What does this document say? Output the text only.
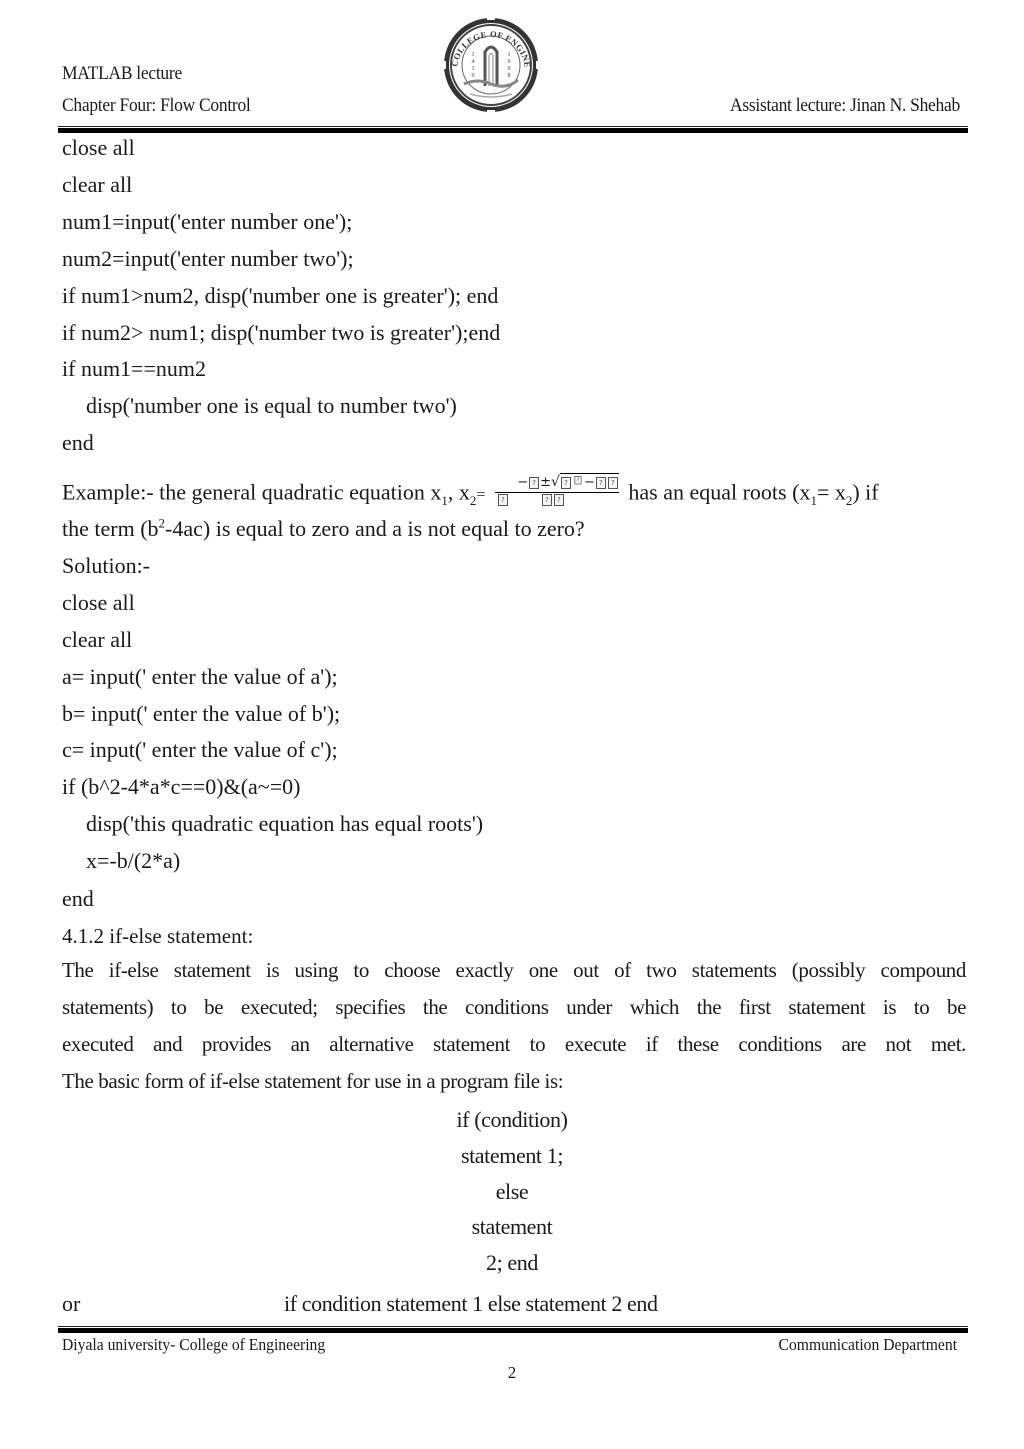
MATLAB lecture
Chapter Four: Flow Control	Assistant lecture: Jinan N. Shehab
COLLEGE OF ENGINE
1
4
1
9
1
9
9
8
close all
clear all
num1=input('enter number one');
num2=input('enter number two');
if num1>num2, disp('number one is greater'); end
if num2> num1; disp('number two is greater');end
if num1==num2
disp('number one is equal to number two')
end
Example:- the general quadratic equation $x_1$, $x_2=$ − ? ±√ ? ? − ? ?
?	? ? has an equal roots $(x_1= x_2)$ if
the term $(b^2-4ac)$ is equal to zero and a is not equal to zero?
Solution:-
close all
clear all
a= input(' enter the value of a');
b= input(' enter the value of b');
c= input(' enter the value of c');
if (b^2-4*a*c==0)&(a~=0)
disp('this quadratic equation has equal roots')
x=-b/(2*a)
end
4.1.2 if-else statement:
The if-else statement is using to choose exactly one out of two statements (possibly compound
statements) to be executed; specifies the conditions under which the first statement is to be
executed and provides an alternative statement to execute if these conditions are not met.
The basic form of if-else statement for use in a program file is:
if (condition)
statement 1;
else
statement
2; end
or	if condition statement 1 else statement 2 end
Diyala university- College of Engineering	Communication Department
2
